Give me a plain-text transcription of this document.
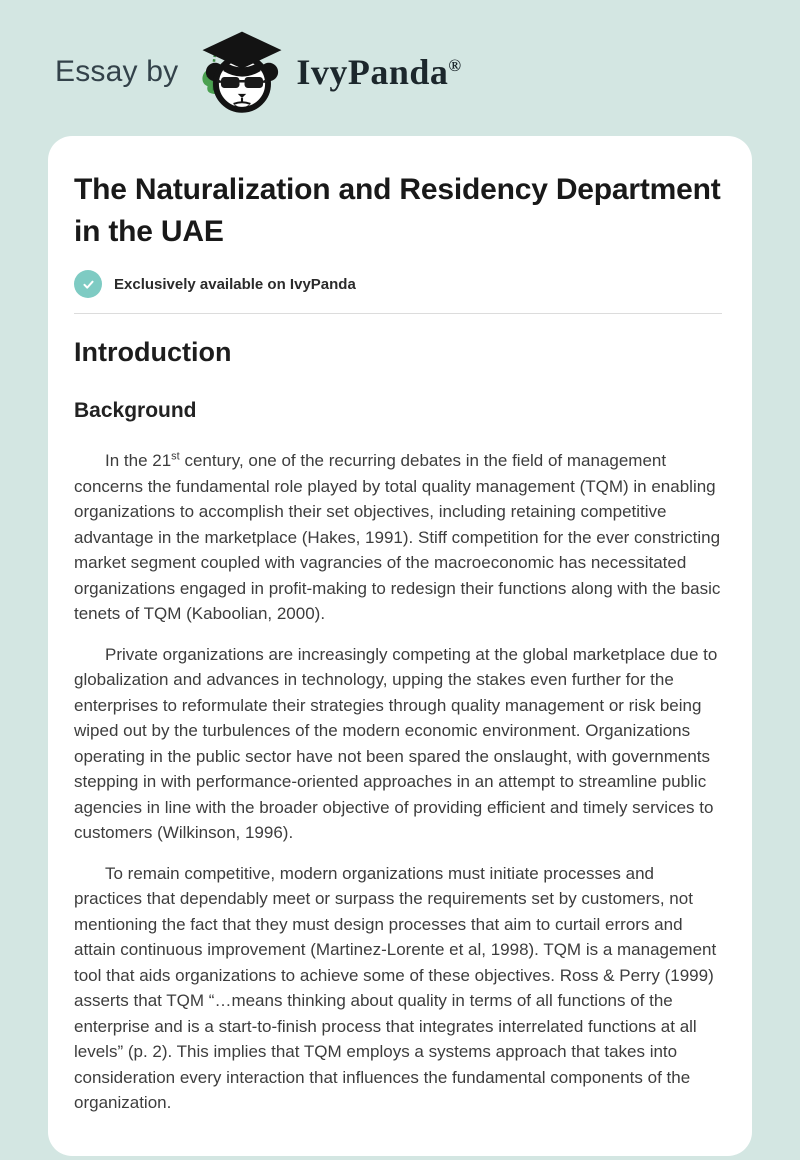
Essay by	IvyPanda®
The Naturalization and Residency Department in the UAE
Exclusively available on IvyPanda
Introduction
Background

In the 21st century, one of the recurring debates in the field of management concerns the fundamental role played by total quality management (TQM) in enabling organizations to accomplish their set objectives, including retaining competitive advantage in the marketplace (Hakes, 1991). Stiff competition for the ever constricting market segment coupled with vagrancies of the macroeconomic has necessitated organizations engaged in profit-making to redesign their functions along with the basic tenets of TQM (Kaboolian, 2000).

Private organizations are increasingly competing at the global marketplace due to globalization and advances in technology, upping the stakes even further for the enterprises to reformulate their strategies through quality management or risk being wiped out by the turbulences of the modern economic environment. Organizations operating in the public sector have not been spared the onslaught, with governments stepping in with performance-oriented approaches in an attempt to streamline public agencies in line with the broader objective of providing efficient and timely services to customers (Wilkinson, 1996).

To remain competitive, modern organizations must initiate processes and practices that dependably meet or surpass the requirements set by customers, not mentioning the fact that they must design processes that aim to curtail errors and attain continuous improvement (Martinez-Lorente et al, 1998). TQM is a management tool that aids organizations to achieve some of these objectives. Ross & Perry (1999) asserts that TQM “…means thinking about quality in terms of all functions of the enterprise and is a start-to-finish process that integrates interrelated functions at all levels” (p. 2). This implies that TQM employs a systems approach that takes into consideration every interaction that influences the fundamental components of the organization.
